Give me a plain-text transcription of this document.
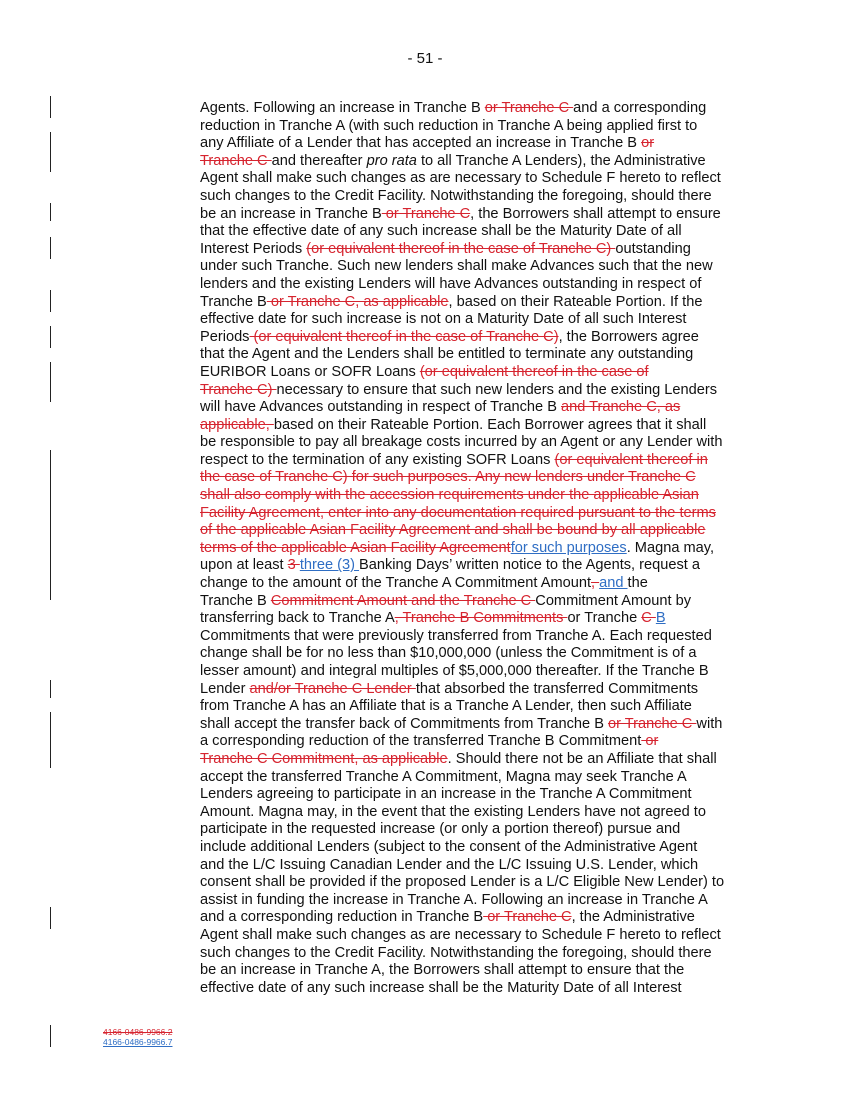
- 51 -
Agents. Following an increase in Tranche B or Tranche C and a corresponding
reduction in Tranche A (with such reduction in Tranche A being applied first to
any Affiliate of a Lender that has accepted an increase in Tranche B or
Tranche C and thereafter pro rata to all Tranche A Lenders), the Administrative
Agent shall make such changes as are necessary to Schedule F hereto to reflect
such changes to the Credit Facility. Notwithstanding the foregoing, should there
be an increase in Tranche B or Tranche C, the Borrowers shall attempt to ensure
that the effective date of any such increase shall be the Maturity Date of all
Interest Periods (or equivalent thereof in the case of Tranche C) outstanding
under such Tranche. Such new lenders shall make Advances such that the new
lenders and the existing Lenders will have Advances outstanding in respect of
Tranche B or Tranche C, as applicable, based on their Rateable Portion. If the
effective date for such increase is not on a Maturity Date of all such Interest
Periods (or equivalent thereof in the case of Tranche C), the Borrowers agree
that the Agent and the Lenders shall be entitled to terminate any outstanding
EURIBOR Loans or SOFR Loans (or equivalent thereof in the case of
Tranche C) necessary to ensure that such new lenders and the existing Lenders
will have Advances outstanding in respect of Tranche B and Tranche C, as
applicable, based on their Rateable Portion. Each Borrower agrees that it shall
be responsible to pay all breakage costs incurred by an Agent or any Lender with
respect to the termination of any existing SOFR Loans (or equivalent thereof in
the case of Tranche C) for such purposes. Any new lenders under Tranche C
shall also comply with the accession requirements under the applicable Asian
Facility Agreement, enter into any documentation required pursuant to the terms
of the applicable Asian Facility Agreement and shall be bound by all applicable
terms of the applicable Asian Facility Agreementfor such purposes. Magna may,
upon at least 3 three (3) Banking Days’ written notice to the Agents, request a
change to the amount of the Tranche A Commitment Amount, and the
Tranche B Commitment Amount and the Tranche C Commitment Amount by
transferring back to Tranche A, Tranche B Commitments or Tranche C B
Commitments that were previously transferred from Tranche A. Each requested
change shall be for no less than $10,000,000 (unless the Commitment is of a
lesser amount) and integral multiples of $5,000,000 thereafter. If the Tranche B
Lender and/or Tranche C Lender that absorbed the transferred Commitments
from Tranche A has an Affiliate that is a Tranche A Lender, then such Affiliate
shall accept the transfer back of Commitments from Tranche B or Tranche C with
a corresponding reduction of the transferred Tranche B Commitment or
Tranche C Commitment, as applicable. Should there not be an Affiliate that shall
accept the transferred Tranche A Commitment, Magna may seek Tranche A
Lenders agreeing to participate in an increase in the Tranche A Commitment
Amount. Magna may, in the event that the existing Lenders have not agreed to
participate in the requested increase (or only a portion thereof) pursue and
include additional Lenders (subject to the consent of the Administrative Agent
and the L/C Issuing Canadian Lender and the L/C Issuing U.S. Lender, which
consent shall be provided if the proposed Lender is a L/C Eligible New Lender) to
assist in funding the increase in Tranche A. Following an increase in Tranche A
and a corresponding reduction in Tranche B or Tranche C, the Administrative
Agent shall make such changes as are necessary to Schedule F hereto to reflect
such changes to the Credit Facility. Notwithstanding the foregoing, should there
be an increase in Tranche A, the Borrowers shall attempt to ensure that the
effective date of any such increase shall be the Maturity Date of all Interest
4166-0486-9966.2
4166-0486-9966.7
